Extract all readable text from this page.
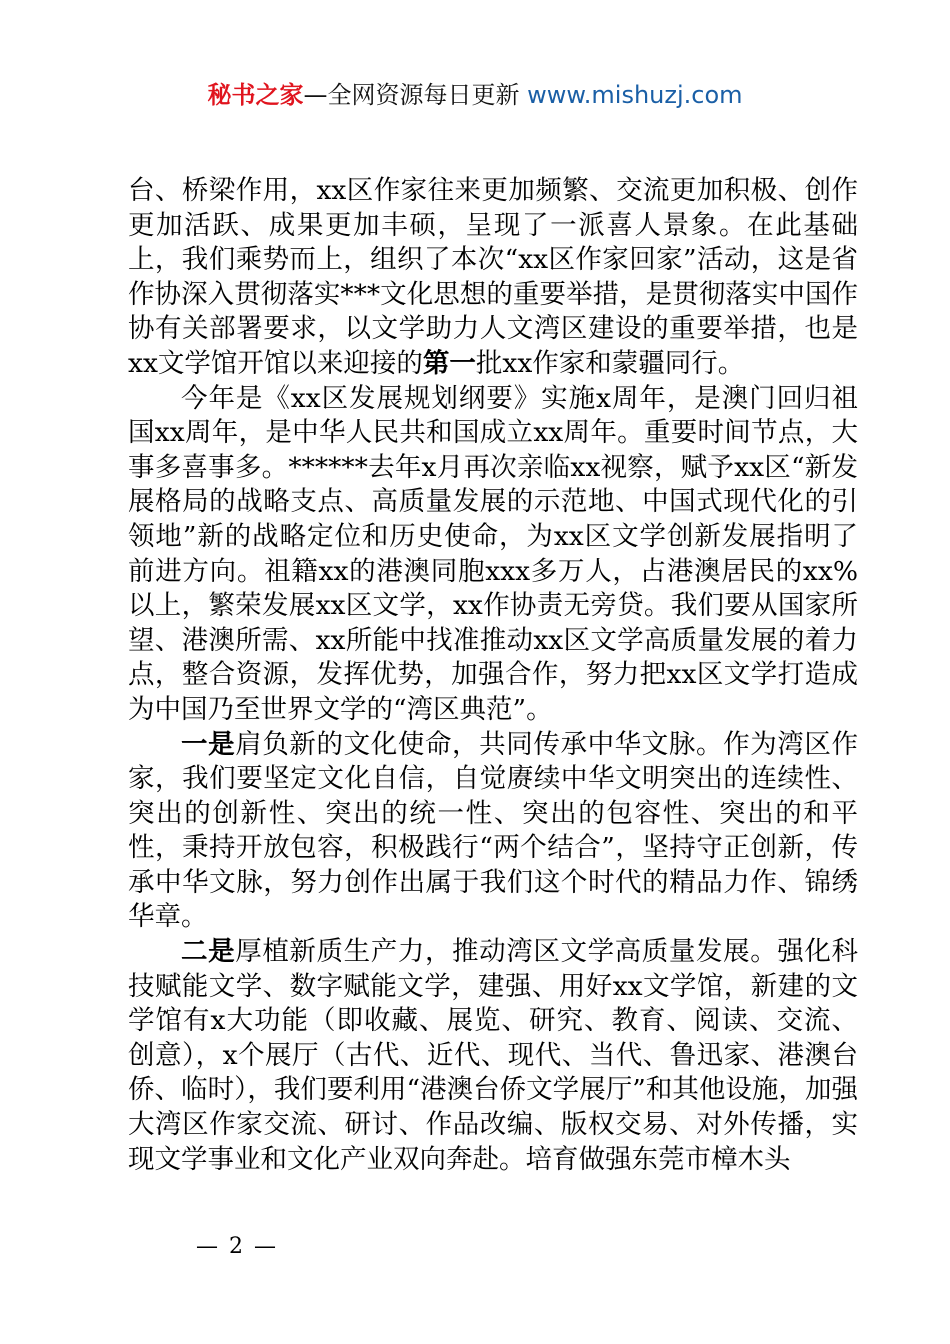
秘书之家—全网资源每日更新 www.mishuzj.com

台、桥梁作用，xx区作家往来更加频繁、交流更加积极、创作更加活跃、成果更加丰硕，呈现了一派喜人景象。在此基础上，我们乘势而上，组织了本次“xx区作家回家”活动，这是省作协深入贯彻落实***文化思想的重要举措，是贯彻落实中国作协有关部署要求，以文学助力人文湾区建设的重要举措，也是xx文学馆开馆以来迎接的第一批xx作家和蒙疆同行。

今年是《xx区发展规划纲要》实施x周年，是澳门回归祖国xx周年，是中华人民共和国成立xx周年。重要时间节点，大事多喜事多。******去年x月再次亲临xx视察，赋予xx区“新发展格局的战略支点、高质量发展的示范地、中国式现代化的引领地”新的战略定位和历史使命，为xx区文学创新发展指明了前进方向。祖籍xx的港澳同胞xxx多万人，占港澳居民的xx%以上，繁荣发展xx区文学，xx作协责无旁贷。我们要从国家所望、港澳所需、xx所能中找准推动xx区文学高质量发展的着力点，整合资源，发挥优势，加强合作，努力把xx区文学打造成为中国乃至世界文学的“湾区典范”。

一是肩负新的文化使命，共同传承中华文脉。作为湾区作家，我们要坚定文化自信，自觉赓续中华文明突出的连续性、突出的创新性、突出的统一性、突出的包容性、突出的和平性，秉持开放包容，积极践行“两个结合”，坚持守正创新，传承中华文脉，努力创作出属于我们这个时代的精品力作、锦绣华章。

二是厚植新质生产力，推动湾区文学高质量发展。强化科技赋能文学、数字赋能文学，建强、用好xx文学馆，新建的文学馆有x大功能（即收藏、展览、研究、教育、阅读、交流、创意），x个展厅（古代、近代、现代、当代、鲁迅家、港澳台侨、临时），我们要利用“港澳台侨文学展厅”和其他设施，加强大湾区作家交流、研讨、作品改编、版权交易、对外传播，实现文学事业和文化产业双向奔赴。培育做强东莞市樟木头

— 2 —
